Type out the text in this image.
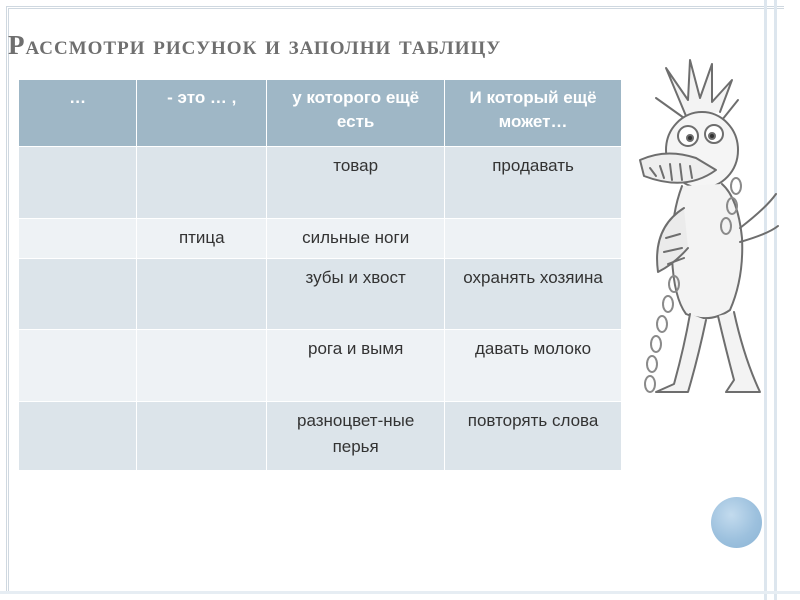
Рассмотри рисунок и заполни таблицу
…	- это … ,	у которого ещё есть	И который ещё может…
		товар	продавать
	птица	сильные ноги	
		зубы и хвост	охранять хозяина
		рога и вымя	давать молоко
		разноцвет-ные перья	повторять слова
